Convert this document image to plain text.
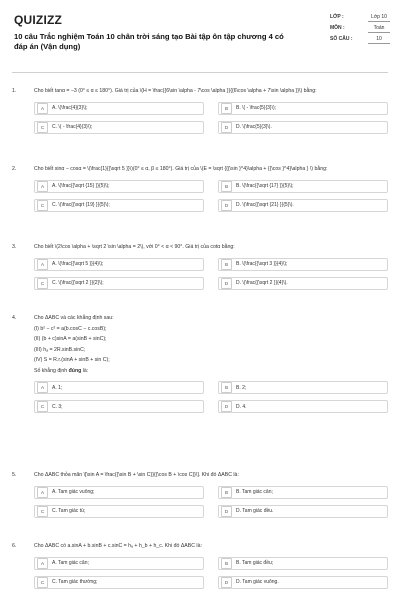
QUIZIZZ
10 câu Trắc nghiệm Toán 10 chân trời sáng tạo Bài tập ôn tập chương 4 có đáp án (Vận dụng)
LỚP :	Lớp 10
MÔN :	Toán
SỐ CÂU :	10
1.	Cho biết tanα = −3 (0° ≤ α ≤ 180°). Giá trị của \(H = \frac{{6\sin \alpha - 7\cos \alpha }}{{6\cos \alpha + 7\sin \alpha }}\) bằng:
A	A. \(\frac{4}{3}\);	B	B. \( - \frac{5}{3}\);
C	C. \( - \frac{4}{3}\);	D	D. \(\frac{5}{3}\).
2.	Cho biết sinα − cosα = \(\frac{1}{{\sqrt 5 }}\)(0° ≤ α, β ≤ 180°). Giá trị của \(E = \sqrt {{{\sin }^4}\alpha + {{\cos }^4}\alpha } \) bằng:
A	A. \(\frac{{\sqrt {15} }}{5}\);	B	B. \(\frac{{\sqrt {17} }}{5}\);
C	C. \(\frac{{\sqrt {19} }}{5}\);	D	D. \(\frac{{\sqrt {21} }}{5}\).
3.	Cho biết \(2\cos \alpha + \sqrt 2 \sin \alpha = 2\), với 0° < α < 90°. Giá trị của cotα bằng:
A	A. \(\frac{{\sqrt 5 }}{4}\);	B	B. \(\frac{{\sqrt 3 }}{4}\);
C	C. \(\frac{{\sqrt 2 }}{2}\);	D	D. \(\frac{{\sqrt 2 }}{4}\).
4.	Cho ΔABC và các khẳng định sau:
(I) b² − c² = a(b.cosC − c.cosB);
(II) (b + c)sinA = a(sinB + sinC);
(III) hₐ = 2R.sinB.sinC;
(IV) S = R.r.(sinA + sinB + sin C);
Số khẳng định đúng là:
A	A. 1;	B	B. 2;
C	C. 3;	D	D. 4.
5.	Cho ΔABC thỏa mãn \[\sin A = \frac{{\sin B + \sin C}}{{\cos B + \cos C}}\]. Khi đó ΔABC là:
A	A. Tam giác vuông;	B	B. Tam giác cân;
C	C. Tam giác tù;	D	D. Tam giác đều.
6.	Cho ΔABC có a.sinA + b.sinB + c.sinC = hₐ + h_b + h_c. Khi đó ΔABC là:
A	A. Tam giác cân;	B	B. Tam giác đều;
C	C. Tam giác thường;	D	D. Tam giác vuông.
